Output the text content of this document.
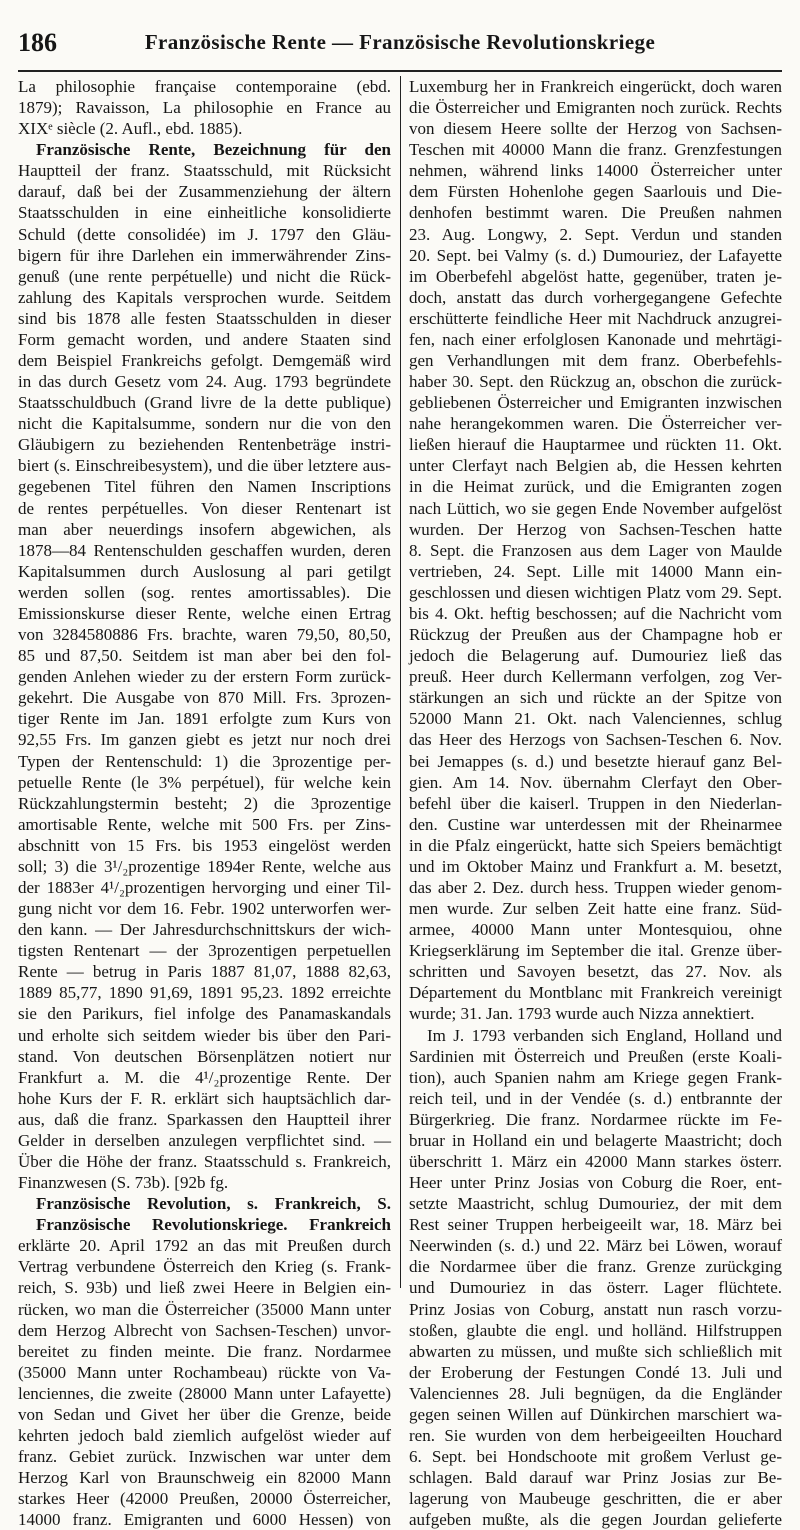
186	Französische Rente — Französische Revolutionskriege
La philosophie française contemporaine (ebd.
1879); Ravaisson, La philosophie en France au
XIXᵉ siècle (2. Aufl., ebd. 1885).
Französische Rente, Bezeichnung für den
Hauptteil der franz. Staatsschuld, mit Rücksicht
darauf, daß bei der Zusammenziehung der ältern
Staatsschulden in eine einheitliche konsolidierte
Schuld (dette consolidée) im J. 1797 den Gläu-
bigern für ihre Darlehen ein immerwährender Zins-
genuß (une rente perpétuelle) und nicht die Rück-
zahlung des Kapitals versprochen wurde. Seitdem
sind bis 1878 alle festen Staatsschulden in dieser
Form gemacht worden, und andere Staaten sind
dem Beispiel Frankreichs gefolgt. Demgemäß wird
in das durch Gesetz vom 24. Aug. 1793 begründete
Staatsschuldbuch (Grand livre de la dette publique)
nicht die Kapitalsumme, sondern nur die von den
Gläubigern zu beziehenden Rentenbeträge instri-
biert (s. Einschreibesystem), und die über letztere aus-
gegebenen Titel führen den Namen Inscriptions
de rentes perpétuelles. Von dieser Rentenart ist
man aber neuerdings insofern abgewichen, als
1878—84 Rentenschulden geschaffen wurden, deren
Kapitalsummen durch Auslosung al pari getilgt
werden sollen (sog. rentes amortissables). Die
Emissionskurse dieser Rente, welche einen Ertrag
von 3284580886 Frs. brachte, waren 79,50, 80,50,
85 und 87,50. Seitdem ist man aber bei den fol-
genden Anlehen wieder zu der erstern Form zurück-
gekehrt. Die Ausgabe von 870 Mill. Frs. 3prozen-
tiger Rente im Jan. 1891 erfolgte zum Kurs von
92,55 Frs. Im ganzen giebt es jetzt nur noch drei
Typen der Rentenschuld: 1) die 3prozentige per-
petuelle Rente (le 3% perpétuel), für welche kein
Rückzahlungstermin besteht; 2) die 3prozentige
amortisable Rente, welche mit 500 Frs. per Zins-
abschnitt von 15 Frs. bis 1953 eingelöst werden
soll; 3) die 3¹/₂prozentige 1894er Rente, welche aus
der 1883er 4¹/₂prozentigen hervorging und einer Til-
gung nicht vor dem 16. Febr. 1902 unterworfen wer-
den kann. — Der Jahresdurchschnittskurs der wich-
tigsten Rentenart — der 3prozentigen perpetuellen
Rente — betrug in Paris 1887 81,07, 1888 82,63,
1889 85,77, 1890 91,69, 1891 95,23. 1892 erreichte
sie den Parikurs, fiel infolge des Panamaskandals
und erholte sich seitdem wieder bis über den Pari-
stand. Von deutschen Börsenplätzen notiert nur
Frankfurt a. M. die 4¹/₂prozentige Rente. Der
hohe Kurs der F. R. erklärt sich hauptsächlich dar-
aus, daß die franz. Sparkassen den Hauptteil ihrer
Gelder in derselben anzulegen verpflichtet sind. —
Über die Höhe der franz. Staatsschuld s. Frankreich,
Finanzwesen (S. 73b). [92b fg.
Französische Revolution, s. Frankreich, S.
Französische Revolutionskriege. Frankreich
erklärte 20. April 1792 an das mit Preußen durch
Vertrag verbundene Österreich den Krieg (s. Frank-
reich, S. 93b) und ließ zwei Heere in Belgien ein-
rücken, wo man die Österreicher (35000 Mann unter
dem Herzog Albrecht von Sachsen-Teschen) unvor-
bereitet zu finden meinte. Die franz. Nordarmee
(35000 Mann unter Rochambeau) rückte von Va-
lenciennes, die zweite (28000 Mann unter Lafayette)
von Sedan und Givet her über die Grenze, beide
kehrten jedoch bald ziemlich aufgelöst wieder auf
franz. Gebiet zurück. Inzwischen war unter dem
Herzog Karl von Braunschweig ein 82000 Mann
starkes Heer (42000 Preußen, 20000 Österreicher,
14000 franz. Emigranten und 6000 Hessen) von
Luxemburg her in Frankreich eingerückt, doch waren
die Österreicher und Emigranten noch zurück. Rechts
von diesem Heere sollte der Herzog von Sachsen-
Teschen mit 40000 Mann die franz. Grenzfestungen
nehmen, während links 14000 Österreicher unter
dem Fürsten Hohenlohe gegen Saarlouis und Die-
denhofen bestimmt waren. Die Preußen nahmen
23. Aug. Longwy, 2. Sept. Verdun und standen
20. Sept. bei Valmy (s. d.) Dumouriez, der Lafayette
im Oberbefehl abgelöst hatte, gegenüber, traten je-
doch, anstatt das durch vorhergegangene Gefechte
erschütterte feindliche Heer mit Nachdruck anzugrei-
fen, nach einer erfolglosen Kanonade und mehrtägi-
gen Verhandlungen mit dem franz. Oberbefehls-
haber 30. Sept. den Rückzug an, obschon die zurück-
gebliebenen Österreicher und Emigranten inzwischen
nahe herangekommen waren. Die Österreicher ver-
ließen hierauf die Hauptarmee und rückten 11. Okt.
unter Clerfayt nach Belgien ab, die Hessen kehrten
in die Heimat zurück, und die Emigranten zogen
nach Lüttich, wo sie gegen Ende November aufgelöst
wurden. Der Herzog von Sachsen-Teschen hatte
8. Sept. die Franzosen aus dem Lager von Maulde
vertrieben, 24. Sept. Lille mit 14000 Mann ein-
geschlossen und diesen wichtigen Platz vom 29. Sept.
bis 4. Okt. heftig beschossen; auf die Nachricht vom
Rückzug der Preußen aus der Champagne hob er
jedoch die Belagerung auf. Dumouriez ließ das
preuß. Heer durch Kellermann verfolgen, zog Ver-
stärkungen an sich und rückte an der Spitze von
52000 Mann 21. Okt. nach Valenciennes, schlug
das Heer des Herzogs von Sachsen-Teschen 6. Nov.
bei Jemappes (s. d.) und besetzte hierauf ganz Bel-
gien. Am 14. Nov. übernahm Clerfayt den Ober-
befehl über die kaiserl. Truppen in den Niederlan-
den. Custine war unterdessen mit der Rheinarmee
in die Pfalz eingerückt, hatte sich Speiers bemächtigt
und im Oktober Mainz und Frankfurt a. M. besetzt,
das aber 2. Dez. durch hess. Truppen wieder genom-
men wurde. Zur selben Zeit hatte eine franz. Süd-
armee, 40000 Mann unter Montesquiou, ohne
Kriegserklärung im September die ital. Grenze über-
schritten und Savoyen besetzt, das 27. Nov. als
Département du Montblanc mit Frankreich vereinigt
wurde; 31. Jan. 1793 wurde auch Nizza annektiert.
Im J. 1793 verbanden sich England, Holland und
Sardinien mit Österreich und Preußen (erste Koali-
tion), auch Spanien nahm am Kriege gegen Frank-
reich teil, und in der Vendée (s. d.) entbrannte der
Bürgerkrieg. Die franz. Nordarmee rückte im Fe-
bruar in Holland ein und belagerte Maastricht; doch
überschritt 1. März ein 42000 Mann starkes österr.
Heer unter Prinz Josias von Coburg die Roer, ent-
setzte Maastricht, schlug Dumouriez, der mit dem
Rest seiner Truppen herbeigeeilt war, 18. März bei
Neerwinden (s. d.) und 22. März bei Löwen, worauf
die Nordarmee über die franz. Grenze zurückging
und Dumouriez in das österr. Lager flüchtete.
Prinz Josias von Coburg, anstatt nun rasch vorzu-
stoßen, glaubte die engl. und holländ. Hilfstruppen
abwarten zu müssen, und mußte sich schließlich mit
der Eroberung der Festungen Condé 13. Juli und
Valenciennes 28. Juli begnügen, da die Engländer
gegen seinen Willen auf Dünkirchen marschiert wa-
ren. Sie wurden von dem herbeigeeilten Houchard
6. Sept. bei Hondschoote mit großem Verlust ge-
schlagen. Bald darauf war Prinz Josias zur Be-
lagerung von Maubeuge geschritten, die er aber
aufgeben mußte, als die gegen Jourdan gelieferte
